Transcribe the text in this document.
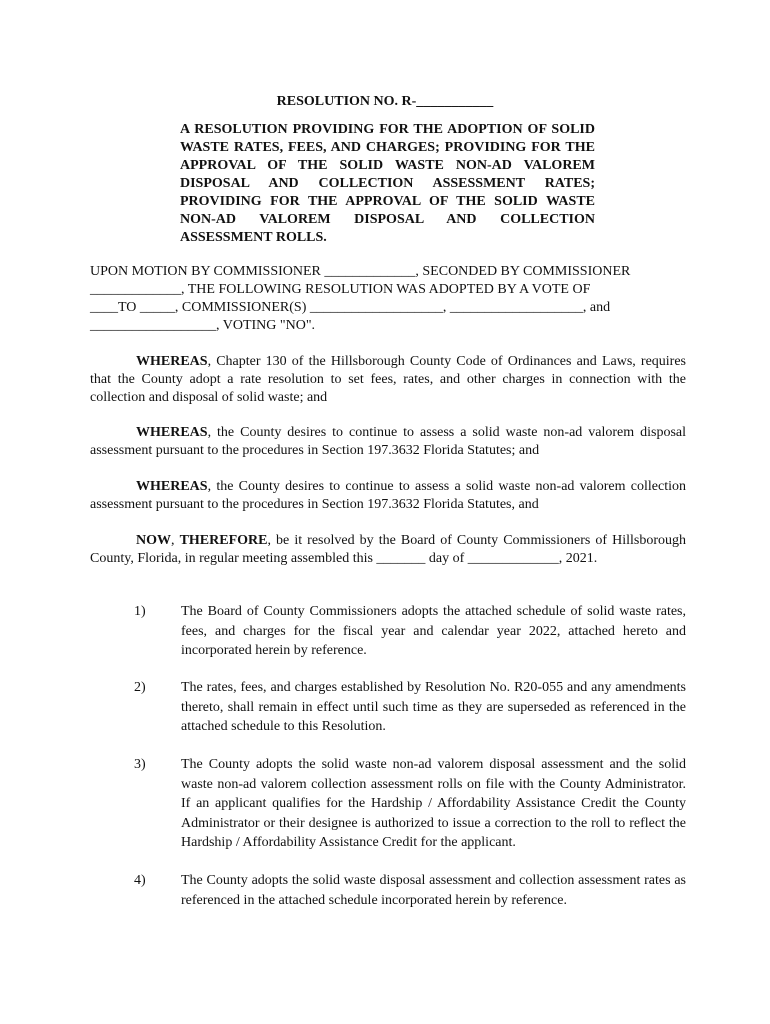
RESOLUTION NO. R-___________
A RESOLUTION PROVIDING FOR THE ADOPTION OF SOLID WASTE RATES, FEES, AND CHARGES; PROVIDING FOR THE APPROVAL OF THE SOLID WASTE NON-AD VALOREM DISPOSAL AND COLLECTION ASSESSMENT RATES; PROVIDING FOR THE APPROVAL OF THE SOLID WASTE NON-AD VALOREM DISPOSAL AND COLLECTION ASSESSMENT ROLLS.
UPON MOTION BY COMMISSIONER _____________, SECONDED BY COMMISSIONER
_____________, THE FOLLOWING RESOLUTION WAS ADOPTED BY A VOTE OF
____TO _____, COMMISSIONER(S) ___________________, ___________________, and
__________________, VOTING "NO".
WHEREAS, Chapter 130 of the Hillsborough County Code of Ordinances and Laws, requires that the County adopt a rate resolution to set fees, rates, and other charges in connection with the collection and disposal of solid waste; and
WHEREAS, the County desires to continue to assess a solid waste non-ad valorem disposal assessment pursuant to the procedures in Section 197.3632 Florida Statutes; and
WHEREAS, the County desires to continue to assess a solid waste non-ad valorem collection assessment pursuant to the procedures in Section 197.3632 Florida Statutes, and
NOW, THEREFORE, be it resolved by the Board of County Commissioners of Hillsborough County, Florida, in regular meeting assembled this _______ day of _____________, 2021.
1)	The Board of County Commissioners adopts the attached schedule of solid waste rates, fees, and charges for the fiscal year and calendar year 2022, attached hereto and incorporated herein by reference.
2)	The rates, fees, and charges established by Resolution No. R20-055 and any amendments thereto, shall remain in effect until such time as they are superseded as referenced in the attached schedule to this Resolution.
3)	The County adopts the solid waste non-ad valorem disposal assessment and the solid waste non-ad valorem collection assessment rolls on file with the County Administrator. If an applicant qualifies for the Hardship / Affordability Assistance Credit the County Administrator or their designee is authorized to issue a correction to the roll to reflect the Hardship / Affordability Assistance Credit for the applicant.
4)	The County adopts the solid waste disposal assessment and collection assessment rates as referenced in the attached schedule incorporated herein by reference.
